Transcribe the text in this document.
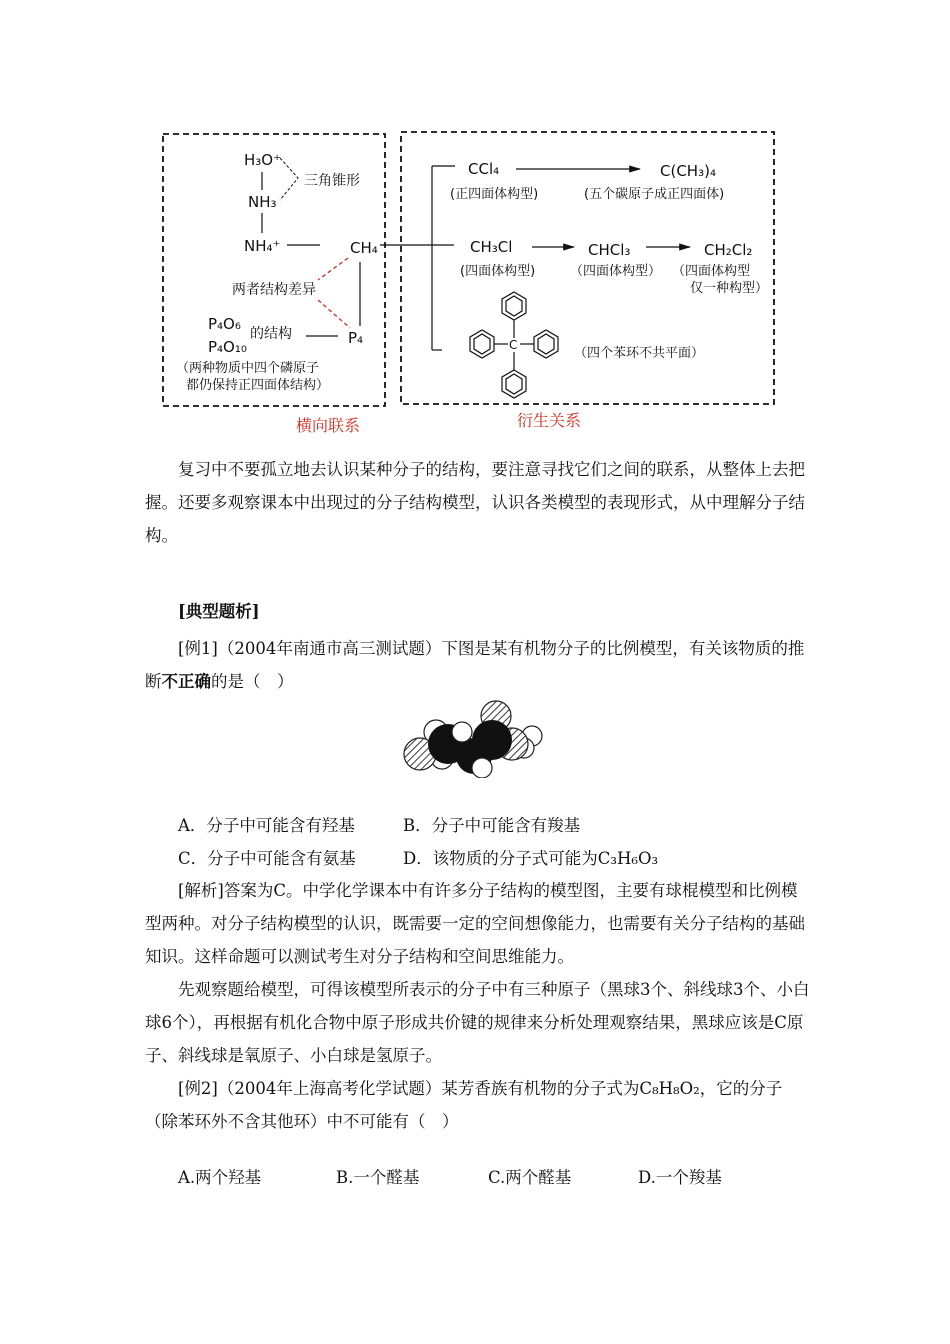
H₃O⁺
NH₃
三角锥形
NH₄⁺	CH₄
两者结构差异
P₄O₆
的结构	P₄
P₄O₁₀
（两种物质中四个磷原子
都仍保持正四面体结构）
CCl₄	C(CH₃)₄
(正四面体构型)	(五个碳原子成正四面体)
CH₃Cl	CHCl₃	CH₂Cl₂
(四面体构型)	（四面体构型） （四面体构型
仅一种构型）
C
（四个苯环不共平面）
横向联系	衍生关系

复习中不要孤立地去认识某种分子的结构，要注意寻找它们之间的联系，从整体上去把握。还要多观察课本中出现过的分子结构模型，认识各类模型的表现形式，从中理解分子结构。

[典型题析]

[例1]（2004年南通市高三测试题）下图是某有机物分子的比例模型，有关该物质的推断不正确的是（　）

A．分子中可能含有羟基	B．分子中可能含有羧基
C．分子中可能含有氨基	D．该物质的分子式可能为C₃H₆O₃

[解析]答案为C。中学化学课本中有许多分子结构的模型图，主要有球棍模型和比例模型两种。对分子结构模型的认识，既需要一定的空间想像能力，也需要有关分子结构的基础知识。这样命题可以测试考生对分子结构和空间思维能力。

先观察题给模型，可得该模型所表示的分子中有三种原子（黑球3个、斜线球3个、小白球6个），再根据有机化合物中原子形成共价键的规律来分析处理观察结果，黑球应该是C原子、斜线球是氧原子、小白球是氢原子。

[例2]（2004年上海高考化学试题）某芳香族有机物的分子式为C₈H₈O₂，它的分子（除苯环外不含其他环）中不可能有（　）

A.两个羟基	B.一个醛基	C.两个醛基	D.一个羧基
